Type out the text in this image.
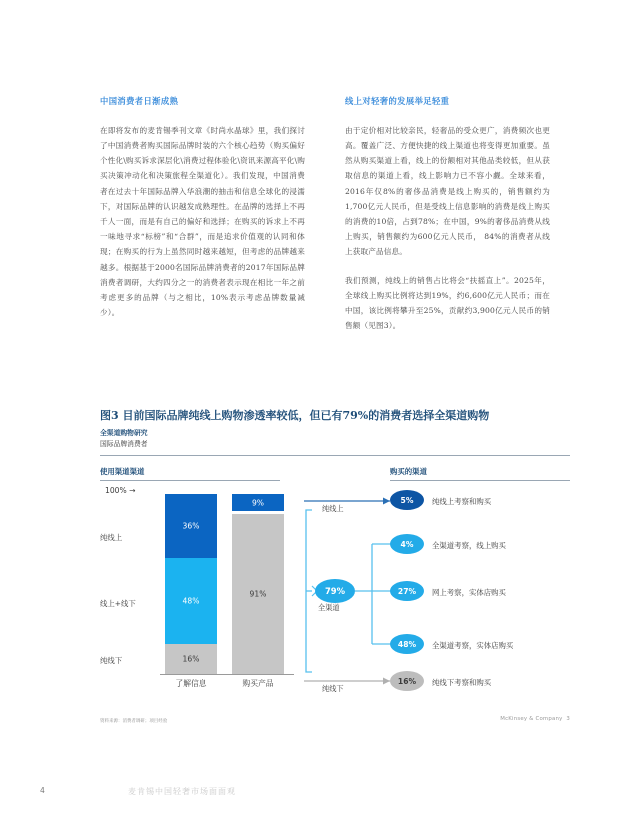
中国消费者日渐成熟

在即将发布的麦肯锡季刊文章《时尚水晶球》里，我们探讨了中国消费者购买国际品牌时装的六个核心趋势（购买偏好个性化\购买诉求深层化\消费过程体验化\资讯来源高平化\购买决策冲动化和决策旅程全渠道化）。我们发现，中国消费者在过去十年国际品牌入华浪潮的抽击和信息全球化的浸濡下，对国际品牌的认识越发成熟理性。在品牌的选择上不再千人一面，而是有自己的偏好和选择；在购买的诉求上不再一味地寻求“标榜”和“合群”，而是追求价值观的认同和体现；在购买的行为上虽然同时越来越短，但考虑的品牌越来越多。根据基于2000名国际品牌消费者的2017年国际品牌消费者调研，大约四分之一的消费者表示现在相比一年之前考虑更多的品牌（与之相比，10%表示考虑品牌数量减少）。

线上对轻奢的发展举足轻重

由于定价相对比较亲民，轻奢品的受众更广，消费频次也更高。覆盖广泛、方便快捷的线上渠道也将变得更加重要。虽然从购买渠道上看，线上的份额相对其他品类较低，但从获取信息的渠道上看，线上影响力已不容小觑。全球来看，2016年仅8%的奢侈品消费是线上购买的，销售额约为1,700亿元人民币，但是受线上信息影响的消费是线上购买的消费的10倍，占到78%；在中国，9%的奢侈品消费从线上购买，销售额约为600亿元人民币， 84%的消费者从线上获取产品信息。

我们预测，纯线上的销售占比将会“扶摇直上”。2025年，全球线上购买比例将达到19%，约6,600亿元人民币；而在中国，该比例将攀升至25%，贡献约3,900亿元人民币的销售额（见图3）。

图3 目前国际品牌纯线上购物渗透率较低，但已有79%的消费者选择全渠道购物
全渠道购物研究
国际品牌消费者
使用渠道渠道	购买的渠道
100% →
纯线上
线上+线下
纯线下
36%
48%
16%
9%
91%
了解信息	购买产品
纯线上
全渠道
纯线下
79%
5%	纯线上考察和购买
4%	全渠道考察，线上购买
27% 网上考察，实体店购买
48% 全渠道考察，实体店购买
16% 纯线下考察和购买
资料来源：消费者调研；项目经验	McKinsey & Company 3
4	麦肯锡中国轻奢市场面面观
